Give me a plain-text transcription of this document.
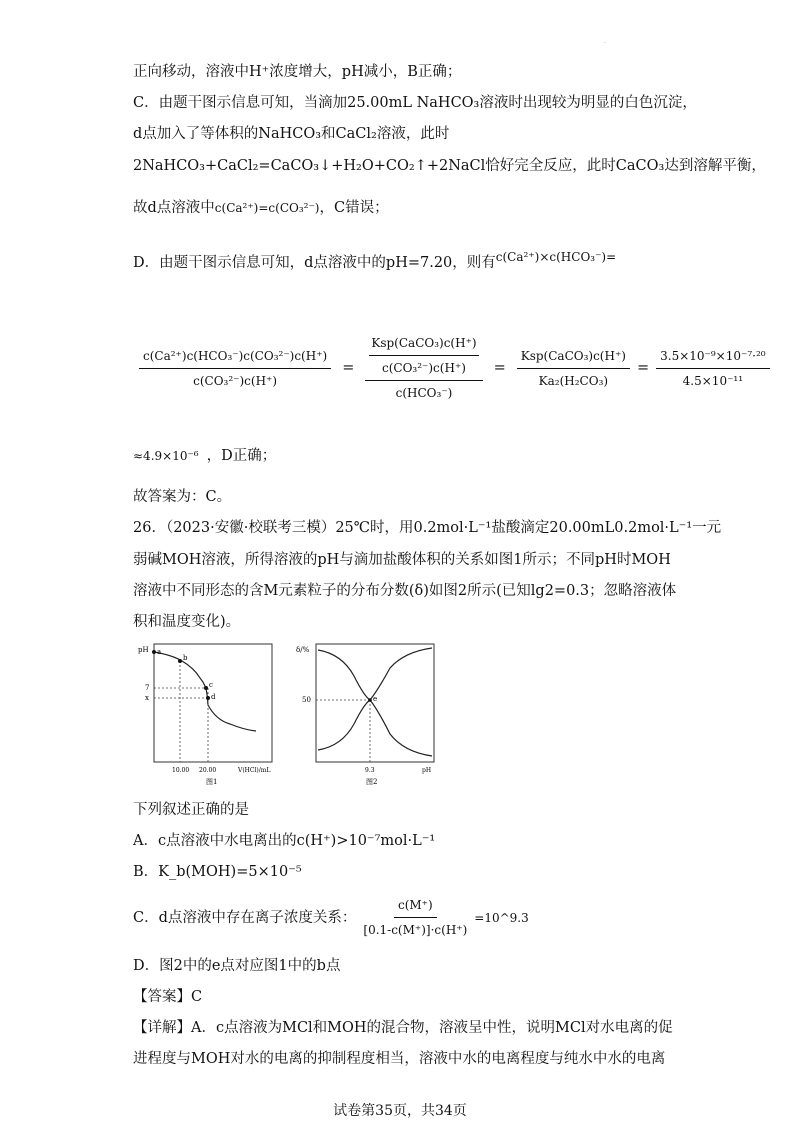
·
正向移动，溶液中H⁺浓度增大，pH减小，B正确；
C．由题干图示信息可知，当滴加25.00mL NaHCO₃溶液时出现较为明显的白色沉淀，
d点加入了等体积的NaHCO₃和CaCl₂溶液，此时
2NaHCO₃+CaCl₂=CaCO₃↓+H₂O+CO₂↑+2NaCl恰好完全反应，此时CaCO₃达到溶解平衡，
故d点溶液中c(Ca²⁺)=c(CO₃²⁻)，C错误；
D．由题干图示信息可知，d点溶液中的pH=7.20，则有$^{c(Ca^{2+})\times c(HCO_3^-)=}$
$\frac{\text{c(Ca²⁺)c(HCO₃⁻)c(CO₃²⁻)c(H⁺)}}{\text{c(CO₃²⁻)c(H⁺)}}$ = Ksp(CaCO₃)c(H⁺)
c(CO₃²⁻)c(H⁺)
$c(HCO_3^-) = \frac{\text{Ksp(CaCO₃)c(H⁺)}}{\text{Ka₂(H₂CO₃)}} = \frac{\text{3.5×10⁻⁹×10⁻⁷·²⁰}}{\text{4.5×10⁻¹¹}}$
≈4.9×10⁻⁶ ，D正确；
故答案为：C。
26．（2023·安徽·校联考三模）25℃时，用0.2mol·L⁻¹盐酸滴定20.00mL0.2mol·L⁻¹一元
弱碱MOH溶液，所得溶液的pH与滴加盐酸体积的关系如图1所示；不同pH时MOH
溶液中不同形态的含M元素粒子的分布分数(δ)如图2所示(已知lg2=0.3；忽略溶液体
积和温度变化)。
a
b
c
d
pH
7
x
10.00 20.00	V(HCl)/mL
图1
e
δ/%
50
9.3	pH
图2
下列叙述正确的是
A．c点溶液中水电离出的c(H⁺)>10⁻⁷mol·L⁻¹
B．K_b(MOH)=5×10⁻⁵
C．d点溶液中存在离子浓度关系： $\frac{c(M^+)}{[0.1-c(M^+)]\cdot c(H^+)}$ =10^9.3
D．图2中的e点对应图1中的b点
【答案】C
【详解】A．c点溶液为MCl和MOH的混合物，溶液呈中性，说明MCl对水电离的促
进程度与MOH对水的电离的抑制程度相当，溶液中水的电离程度与纯水中水的电离
试卷第35页，共34页
